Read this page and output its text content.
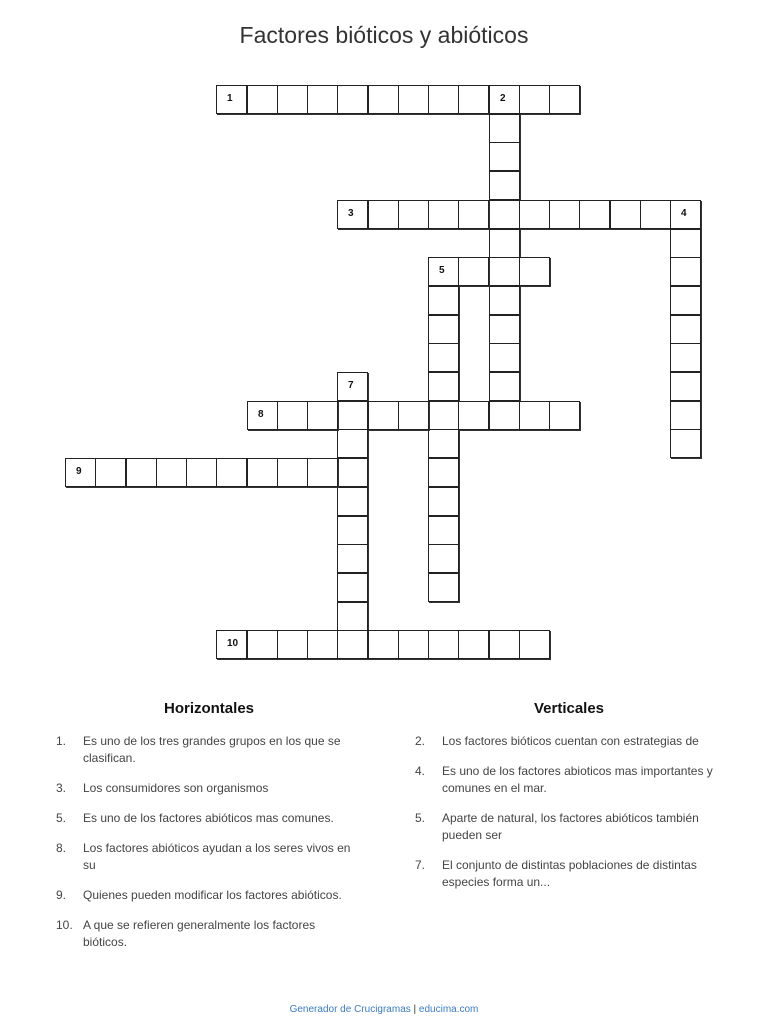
Factores bióticos y abióticos
1	2
3	4
5
7
8
9
10
Horizontales
1.	Es uno de los tres grandes grupos en los que se clasifican.
3.	Los consumidores son organismos
5.	Es uno de los factores abióticos mas comunes.
8.	Los factores abióticos ayudan a los seres vivos en su
9.	Quienes pueden modificar los factores abióticos.
10. A que se refieren generalmente los factores bióticos.
Verticales
2.	Los factores bióticos cuentan con estrategias de
4.	Es uno de los factores abioticos mas importantes y comunes en el mar.
5.	Aparte de natural, los factores abióticos también pueden ser
7.	El conjunto de distintas poblaciones de distintas especies forma un...
Generador de Crucigramas | educima.com
